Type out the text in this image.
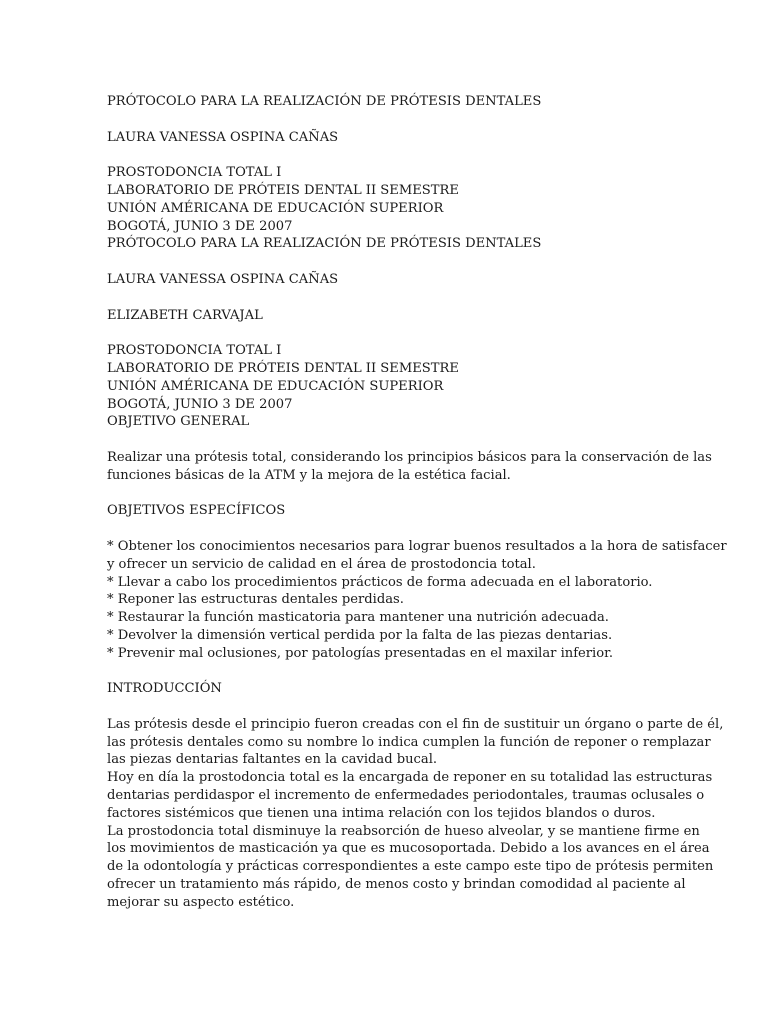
PRÓTOCOLO PARA LA REALIZACIÓN DE PRÓTESIS DENTALES
LAURA VANESSA OSPINA CAÑAS
PROSTODONCIA TOTAL I
LABORATORIO DE PRÓTEIS DENTAL II SEMESTRE
UNIÓN AMÉRICANA DE EDUCACIÓN SUPERIOR
BOGOTÁ, JUNIO 3 DE 2007
PRÓTOCOLO PARA LA REALIZACIÓN DE PRÓTESIS DENTALES
LAURA VANESSA OSPINA CAÑAS
ELIZABETH CARVAJAL
PROSTODONCIA TOTAL I
LABORATORIO DE PRÓTEIS DENTAL II SEMESTRE
UNIÓN AMÉRICANA DE EDUCACIÓN SUPERIOR
BOGOTÁ, JUNIO 3 DE 2007
OBJETIVO GENERAL
Realizar una prótesis total, considerando los principios básicos para la conservación de las
funciones básicas de la ATM y la mejora de la estética facial.
OBJETIVOS ESPECÍFICOS
* Obtener los conocimientos necesarios para lograr buenos resultados a la hora de satisfacer
y ofrecer un servicio de calidad en el área de prostodoncia total.
* Llevar a cabo los procedimientos prácticos de forma adecuada en el laboratorio.
* Reponer las estructuras dentales perdidas.
* Restaurar la función masticatoria para mantener una nutrición adecuada.
* Devolver la dimensión vertical perdida por la falta de las piezas dentarias.
* Prevenir mal oclusiones, por patologías presentadas en el maxilar inferior.
INTRODUCCIÓN
Las prótesis desde el principio fueron creadas con el fin de sustituir un órgano o parte de él,
las prótesis dentales como su nombre lo indica cumplen la función de reponer o remplazar
las piezas dentarias faltantes en la cavidad bucal.
Hoy en día la prostodoncia total es la encargada de reponer en su totalidad las estructuras
dentarias perdidaspor el incremento de enfermedades periodontales, traumas oclusales o
factores sistémicos que tienen una intima relación con los tejidos blandos o duros.
La prostodoncia total disminuye la reabsorción de hueso alveolar, y se mantiene firme en
los movimientos de masticación ya que es mucosoportada. Debido a los avances en el área
de la odontología y prácticas correspondientes a este campo este tipo de prótesis permiten
ofrecer un tratamiento más rápido, de menos costo y brindan comodidad al paciente al
mejorar su aspecto estético.
